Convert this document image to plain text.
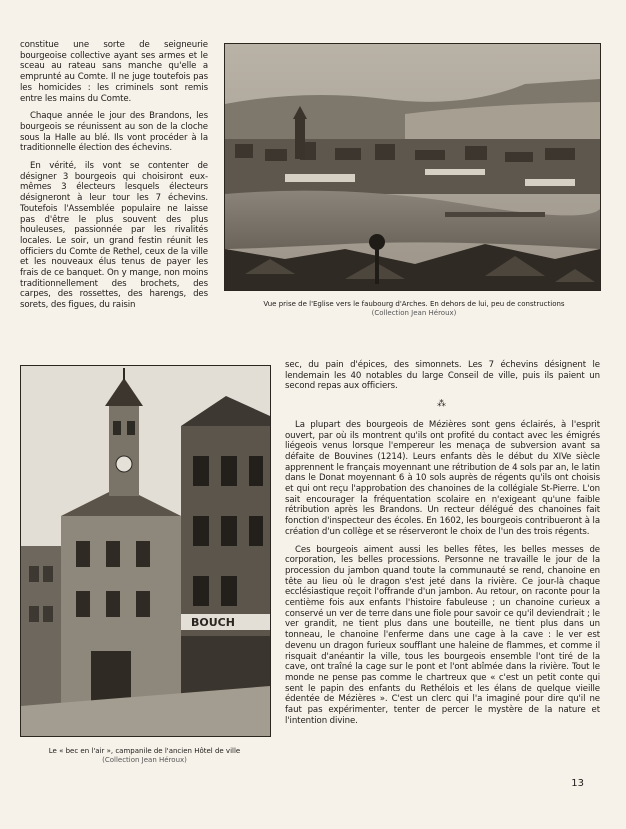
constitue une sorte de seigneurie bourgeoise collective ayant ses armes et le sceau au rateau sans manche qu'elle a emprunté au Comte. Il ne juge toutefois pas les homicides : les criminels sont remis entre les mains du Comte.

Chaque année le jour des Brandons, les bourgeois se réunissent au son de la cloche sous la Halle au blé. Ils vont procéder à la traditionnelle élection des échevins.

En vérité, ils vont se contenter de désigner 3 bourgeois qui choisiront eux-mêmes 3 électeurs lesquels électeurs désigneront à leur tour les 7 échevins. Toutefois l'Assemblée populaire ne laisse pas d'être le plus souvent des plus houleuses, passionnée par les rivalités locales. Le soir, un grand festin réunit les officiers du Comte de Rethel, ceux de la ville et les nouveaux élus tenus de payer les frais de ce banquet. On y mange, non moins traditionnellement des brochets, des carpes, des rossettes, des harengs, des sorets, des figues, du raisin	Vue prise de l'Eglise vers le faubourg d'Arches. En dehors de lui, peu de constructions (Collection Jean Héroux)
BOUCH
Le « bec en l'air », campanile de l'ancien Hôtel de ville
(Collection Jean Héroux)

sec, du pain d'épices, des simonnets. Les 7 échevins désignent le lendemain les 40 notables du large Conseil de ville, puis ils paient un second repas aux officiers.

⁂

La plupart des bourgeois de Mézières sont gens éclairés, à l'esprit ouvert, par où ils montrent qu'ils ont profité du contact avec les émigrés liégeois venus lorsque l'empereur les menaça de subversion avant sa défaite de Bouvines (1214). Leurs enfants dès le début du XIVe siècle apprennent le français moyennant une rétribution de 4 sols par an, le latin dans le Donat moyennant 6 à 10 sols auprès de régents qu'ils ont choisis et qui ont reçu l'approbation des chanoines de la collégiale St-Pierre. L'on sait encourager la fréquentation scolaire en n'exigeant qu'une faible rétribution après les Brandons. Un recteur délégué des chanoines fait fonction d'inspecteur des écoles. En 1602, les bourgeois contribueront à la création d'un collège et se réserveront le choix de l'un des trois régents.

Ces bourgeois aiment aussi les belles fêtes, les belles messes de corporation, les belles processions. Personne ne travaille le jour de la procession du jambon quand toute la communauté se rend, chanoine en tête au lieu où le dragon s'est jeté dans la rivière. Ce jour-là chaque ecclésiastique reçoit l'offrande d'un jambon. Au retour, on raconte pour la centième fois aux enfants l'histoire fabuleuse ; un chanoine curieux a conservé un ver de terre dans une fiole pour savoir ce qu'il deviendrait ; le ver grandit, ne tient plus dans une bouteille, ne tient plus dans un tonneau, le chanoine l'enferme dans une cage à la cave : le ver est devenu un dragon furieux soufflant une haleine de flammes, et comme il risquait d'anéantir la ville, tous les bourgeois ensemble l'ont tiré de la cave, ont traîné la cage sur le pont et l'ont abîmée dans la rivière. Tout le monde ne pense pas comme le chartreux que « c'est un petit conte qui sent le papin des enfants du Rethélois et les élans de quelque vieille édentée de Mézières ». C'est un clerc qui l'a imaginé pour dire qu'il ne faut pas expérimenter, tenter de percer le mystère de la nature et l'intention divine.

13
